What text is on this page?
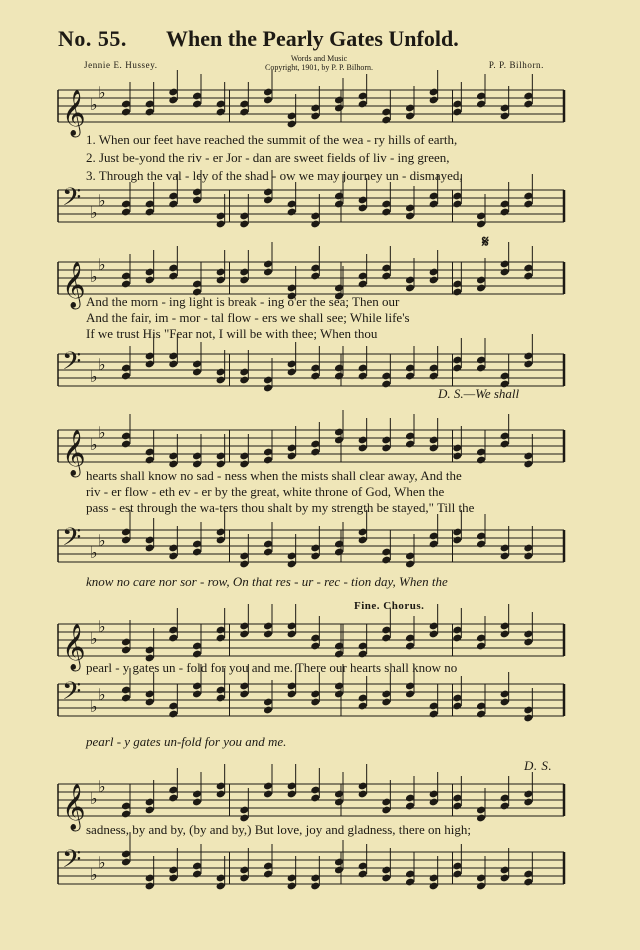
No. 55. When the Pearly Gates Unfold.
Jennie E. Hussey.
Words and Music
Copyright, 1901, by P. P. Bilhorn.	P. P. Bilhorn.
𝄞 ♭
♭
1. When our feet have reached the summit of the wea - ry hills of earth,
2. Just be-yond the riv - er Jor - dan are sweet fields of liv - ing green,
3. Through the val - ley of the shad - ow we may journey un - dismayed,
𝄢 ♭
♭
𝄋
𝄞 ♭
♭
And the morn - ing light is break - ing o'er the sea; Then our
And the fair, im - mor - tal flow - ers we shall see; While life's
If we trust His "Fear not, I will be with thee; When thou
𝄢 ♭
♭
D. S.—We shall
𝄞 ♭
♭
hearts shall know no sad - ness when the mists shall clear away, And the
riv - er flow - eth ev - er by the great, white throne of God, When the
pass - est through the wa-ters thou shalt by my strength be stayed," Till the
𝄢 ♭
♭
know no care nor sor - row, On that res - ur - rec - tion day, When the
Fine. Chorus.
𝄞 ♭
♭
pearl - y gates un - fold for you and me. There our hearts shall know no
𝄢 ♭
♭
pearl - y gates un-fold for you and me.
D. S.
𝄞 ♭
♭
sadness, by and by, (by and by,) But love, joy and gladness, there on high;
𝄢 ♭
♭
